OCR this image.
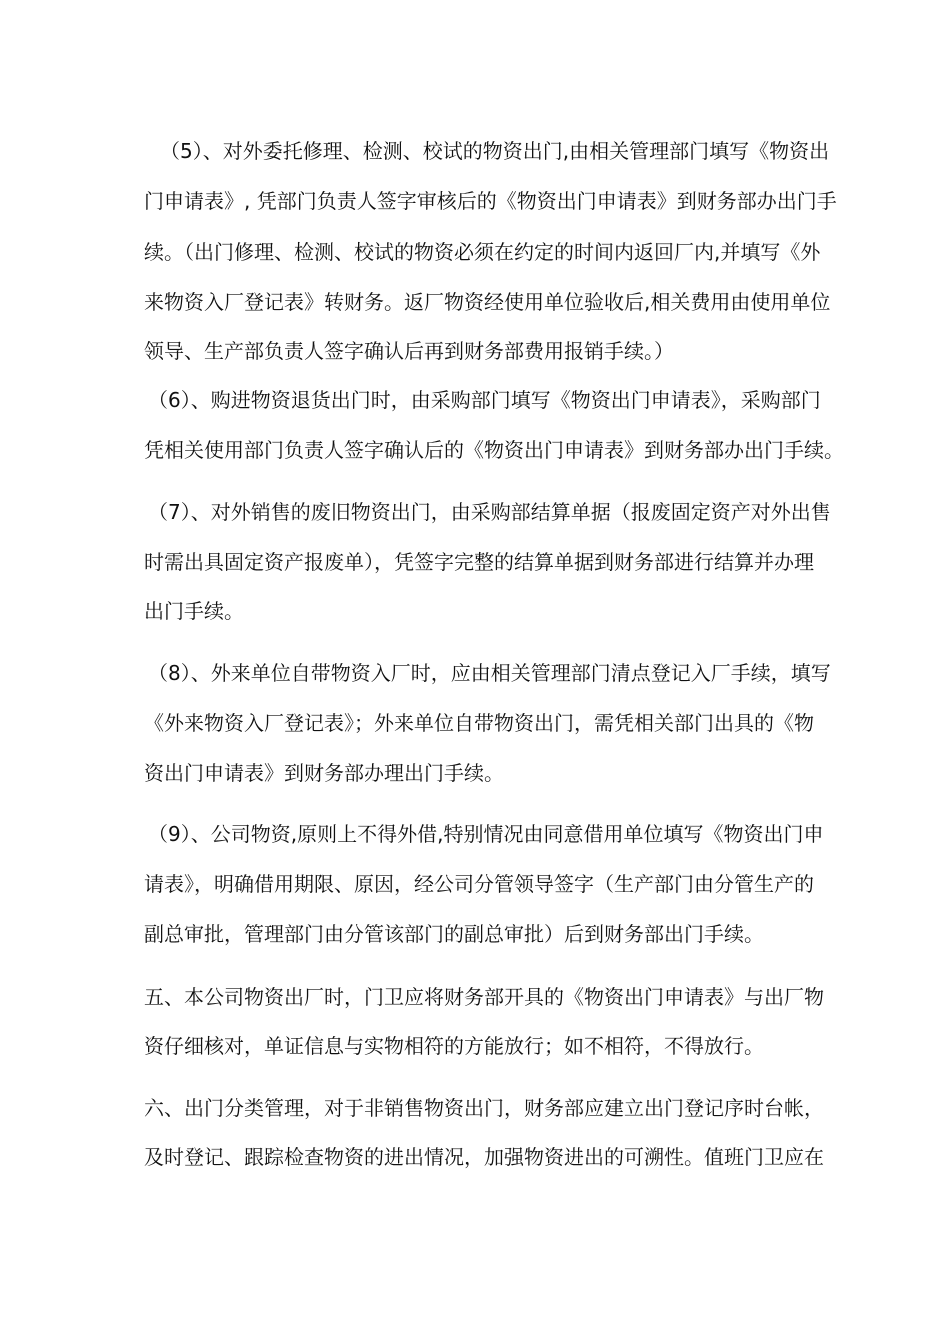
（5）、对外委托修理、检测、校试的物资出门,由相关管理部门填写《物资出
门申请表》, 凭部门负责人签字审核后的《物资出门申请表》到财务部办出门手
续。（出门修理、检测、校试的物资必须在约定的时间内返回厂内,并填写《外
来物资入厂登记表》转财务。返厂物资经使用单位验收后,相关费用由使用单位
领导、生产部负责人签字确认后再到财务部费用报销手续。）
（6）、购进物资退货出门时，由采购部门填写《物资出门申请表》，采购部门
凭相关使用部门负责人签字确认后的《物资出门申请表》到财务部办出门手续。
（7）、对外销售的废旧物资出门，由采购部结算单据（报废固定资产对外出售
时需出具固定资产报废单），凭签字完整的结算单据到财务部进行结算并办理
出门手续。
（8）、外来单位自带物资入厂时，应由相关管理部门清点登记入厂手续，填写
《外来物资入厂登记表》；外来单位自带物资出门，需凭相关部门出具的《物
资出门申请表》到财务部办理出门手续。
（9）、公司物资,原则上不得外借,特别情况由同意借用单位填写《物资出门申
请表》，明确借用期限、原因，经公司分管领导签字（生产部门由分管生产的
副总审批，管理部门由分管该部门的副总审批）后到财务部出门手续。
五、本公司物资出厂时，门卫应将财务部开具的《物资出门申请表》与出厂物
资仔细核对，单证信息与实物相符的方能放行；如不相符，不得放行。
六、出门分类管理，对于非销售物资出门，财务部应建立出门登记序时台帐，
及时登记、跟踪检查物资的进出情况，加强物资进出的可溯性。值班门卫应在
